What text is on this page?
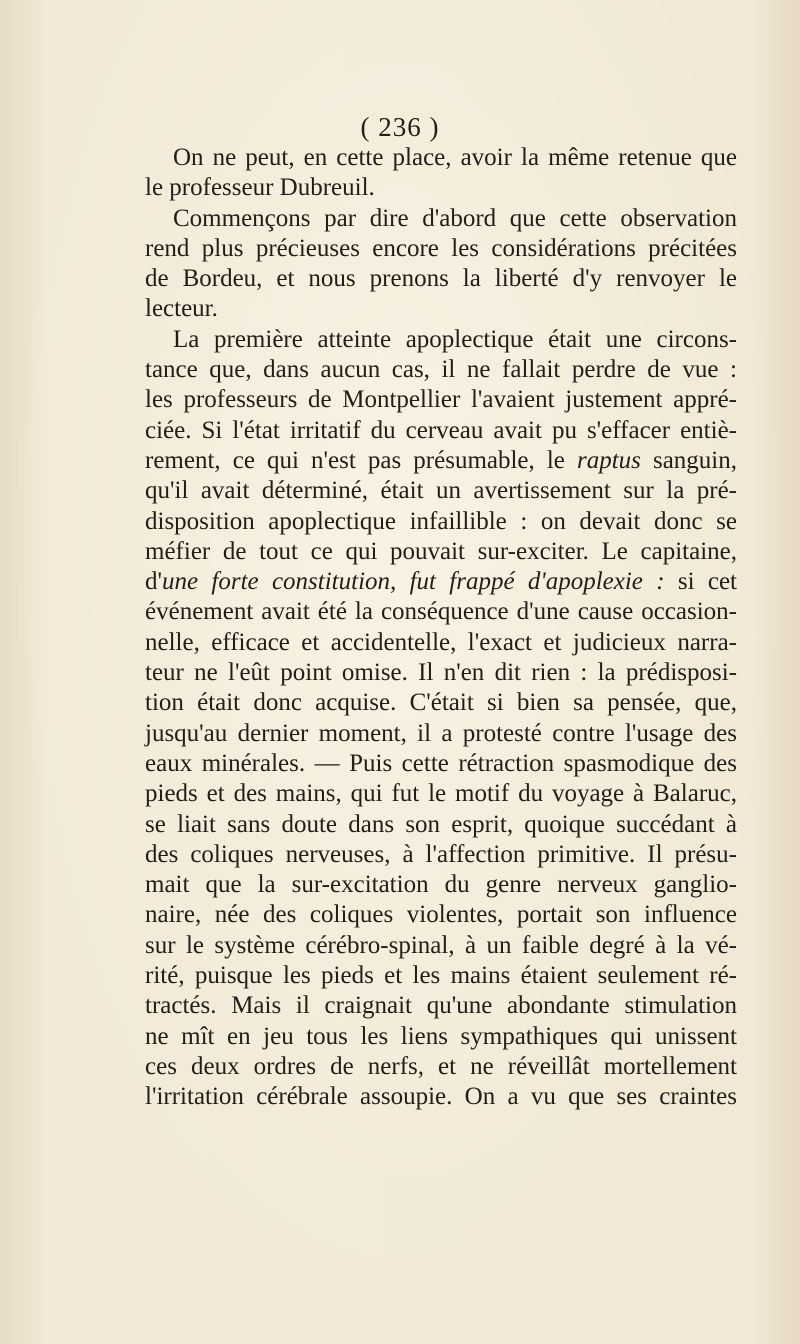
( 236 )
On ne peut, en cette place, avoir la même retenue que
le professeur Dubreuil.
Commençons par dire d'abord que cette observation
rend plus précieuses encore les considérations précitées
de Bordeu, et nous prenons la liberté d'y renvoyer le
lecteur.
La première atteinte apoplectique était une circons-
tance que, dans aucun cas, il ne fallait perdre de vue :
les professeurs de Montpellier l'avaient justement appré-
ciée. Si l'état irritatif du cerveau avait pu s'effacer entiè-
rement, ce qui n'est pas présumable, le raptus sanguin,
qu'il avait déterminé, était un avertissement sur la pré-
disposition apoplectique infaillible : on devait donc se
méfier de tout ce qui pouvait sur-exciter. Le capitaine,
d'une forte constitution, fut frappé d'apoplexie : si cet
événement avait été la conséquence d'une cause occasion-
nelle, efficace et accidentelle, l'exact et judicieux narra-
teur ne l'eût point omise. Il n'en dit rien : la prédisposi-
tion était donc acquise. C'était si bien sa pensée, que,
jusqu'au dernier moment, il a protesté contre l'usage des
eaux minérales. — Puis cette rétraction spasmodique des
pieds et des mains, qui fut le motif du voyage à Balaruc,
se liait sans doute dans son esprit, quoique succédant à
des coliques nerveuses, à l'affection primitive. Il présu-
mait que la sur-excitation du genre nerveux ganglio-
naire, née des coliques violentes, portait son influence
sur le système cérébro-spinal, à un faible degré à la vé-
rité, puisque les pieds et les mains étaient seulement ré-
tractés. Mais il craignait qu'une abondante stimulation
ne mît en jeu tous les liens sympathiques qui unissent
ces deux ordres de nerfs, et ne réveillât mortellement
l'irritation cérébrale assoupie. On a vu que ses craintes
